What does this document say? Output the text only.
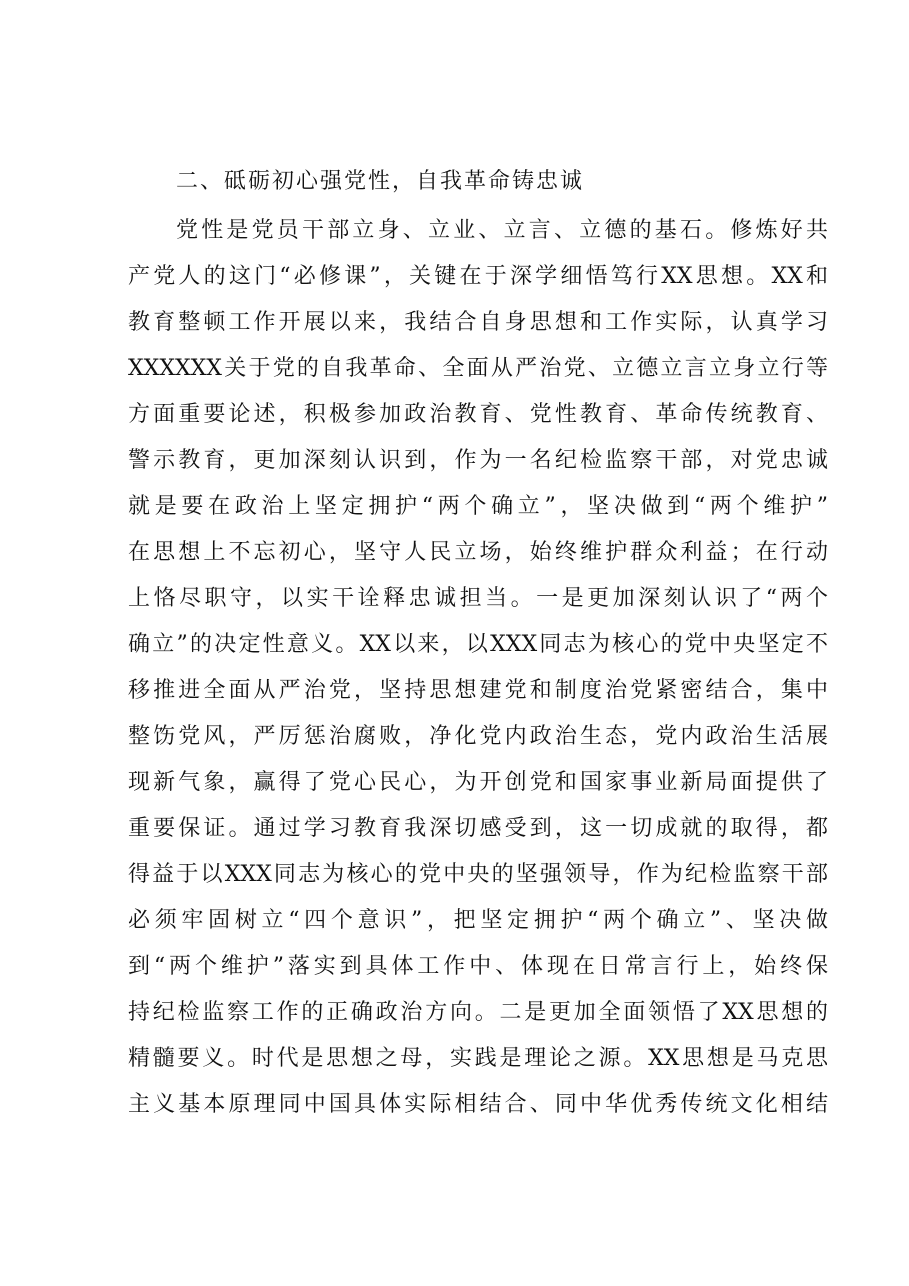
二、砥砺初心强党性，自我革命铸忠诚
党性是党员干部立身、立业、立言、立德的基石。修炼好共
产党人的这门“必修课”，关键在于深学细悟笃行XX思想。XX和
教育整顿工作开展以来，我结合自身思想和工作实际，认真学习
XXXXXX关于党的自我革命、全面从严治党、立德立言立身立行等
方面重要论述，积极参加政治教育、党性教育、革命传统教育、
警示教育，更加深刻认识到，作为一名纪检监察干部，对党忠诚
就是要在政治上坚定拥护“两个确立”，坚决做到“两个维护”
在思想上不忘初心，坚守人民立场，始终维护群众利益；在行动
上恪尽职守，以实干诠释忠诚担当。一是更加深刻认识了“两个
确立”的决定性意义。XX以来，以XXX同志为核心的党中央坚定不
移推进全面从严治党，坚持思想建党和制度治党紧密结合，集中
整饬党风，严厉惩治腐败，净化党内政治生态，党内政治生活展
现新气象，赢得了党心民心，为开创党和国家事业新局面提供了
重要保证。通过学习教育我深切感受到，这一切成就的取得，都
得益于以XXX同志为核心的党中央的坚强领导，作为纪检监察干部
必须牢固树立“四个意识”，把坚定拥护“两个确立”、坚决做
到“两个维护”落实到具体工作中、体现在日常言行上，始终保
持纪检监察工作的正确政治方向。二是更加全面领悟了XX思想的
精髓要义。时代是思想之母，实践是理论之源。XX思想是马克思
主义基本原理同中国具体实际相结合、同中华优秀传统文化相结
